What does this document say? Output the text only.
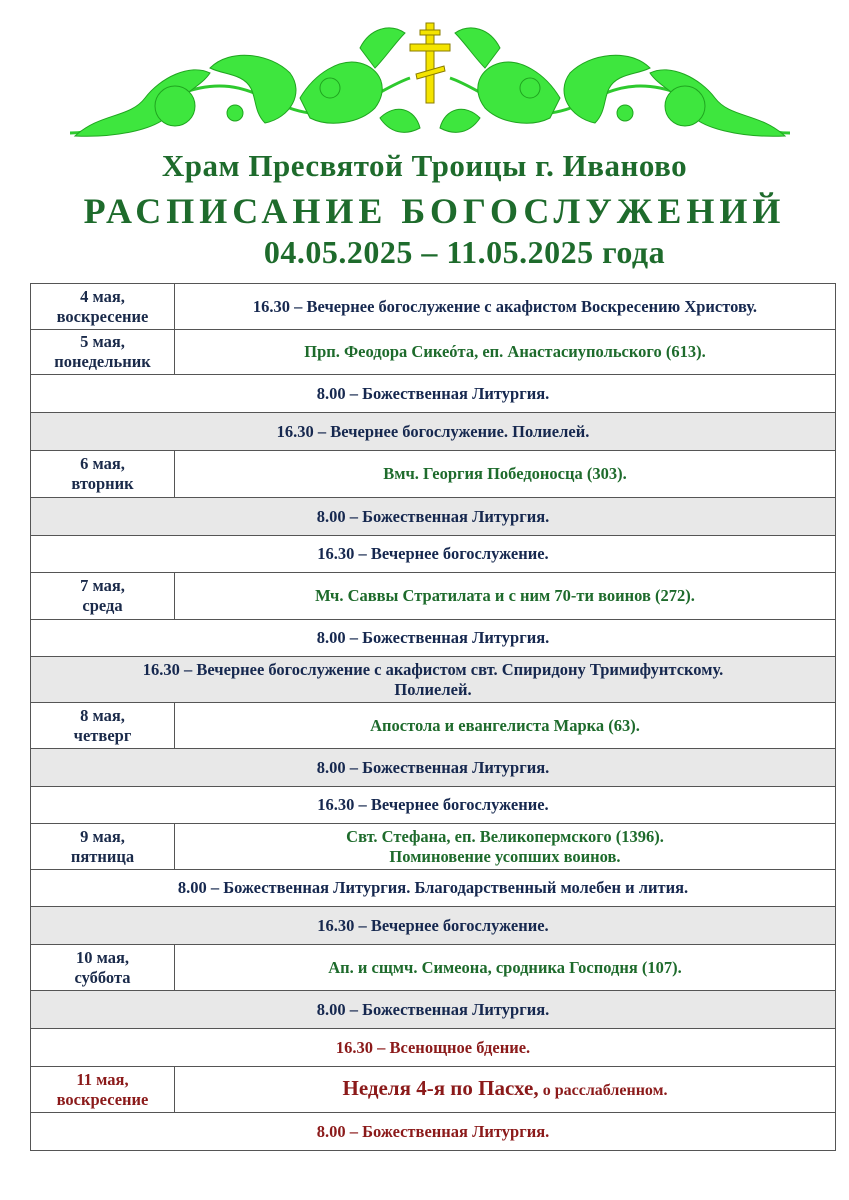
Храм Пресвятой Троицы г. Иваново
РАСПИСАНИЕ БОГОСЛУЖЕНИЙ
04.05.2025 – 11.05.2025 года
4 мая,
воскресение	16.30 – Вечернее богослужение с акафистом Воскресению Христову.
5 мая,
понедельник	Прп. Феодора Сикеóта, еп. Анастасиупольского (613).
8.00 – Божественная Литургия.	
16.30 – Вечернее богослужение. Полиелей.	
6 мая,
вторник	Вмч. Георгия Победоносца (303).
8.00 – Божественная Литургия.	
16.30 – Вечернее богослужение.	
7 мая,
среда	Мч. Саввы Стратилата и с ним 70-ти воинов (272).
8.00 – Божественная Литургия.	
16.30 – Вечернее богослужение с акафистом свт. Спиридону Тримифунтскому.
Полиелей.	
8 мая,
четверг	Апостола и евангелиста Марка (63).
8.00 – Божественная Литургия.	
16.30 – Вечернее богослужение.	
9 мая,
пятница	Свт. Стефана, еп. Великопермского (1396).
Поминовение усопших воинов.
8.00 – Божественная Литургия. Благодарственный молебен и лития.	
16.30 – Вечернее богослужение.	
10 мая,
суббота	Ап. и сщмч. Симеона, сродника Господня (107).
8.00 – Божественная Литургия.	
16.30 – Всенощное бдение.	
11 мая,
воскресение	Неделя 4-я по Пасхе, о расслабленном.
8.00 – Божественная Литургия.	
